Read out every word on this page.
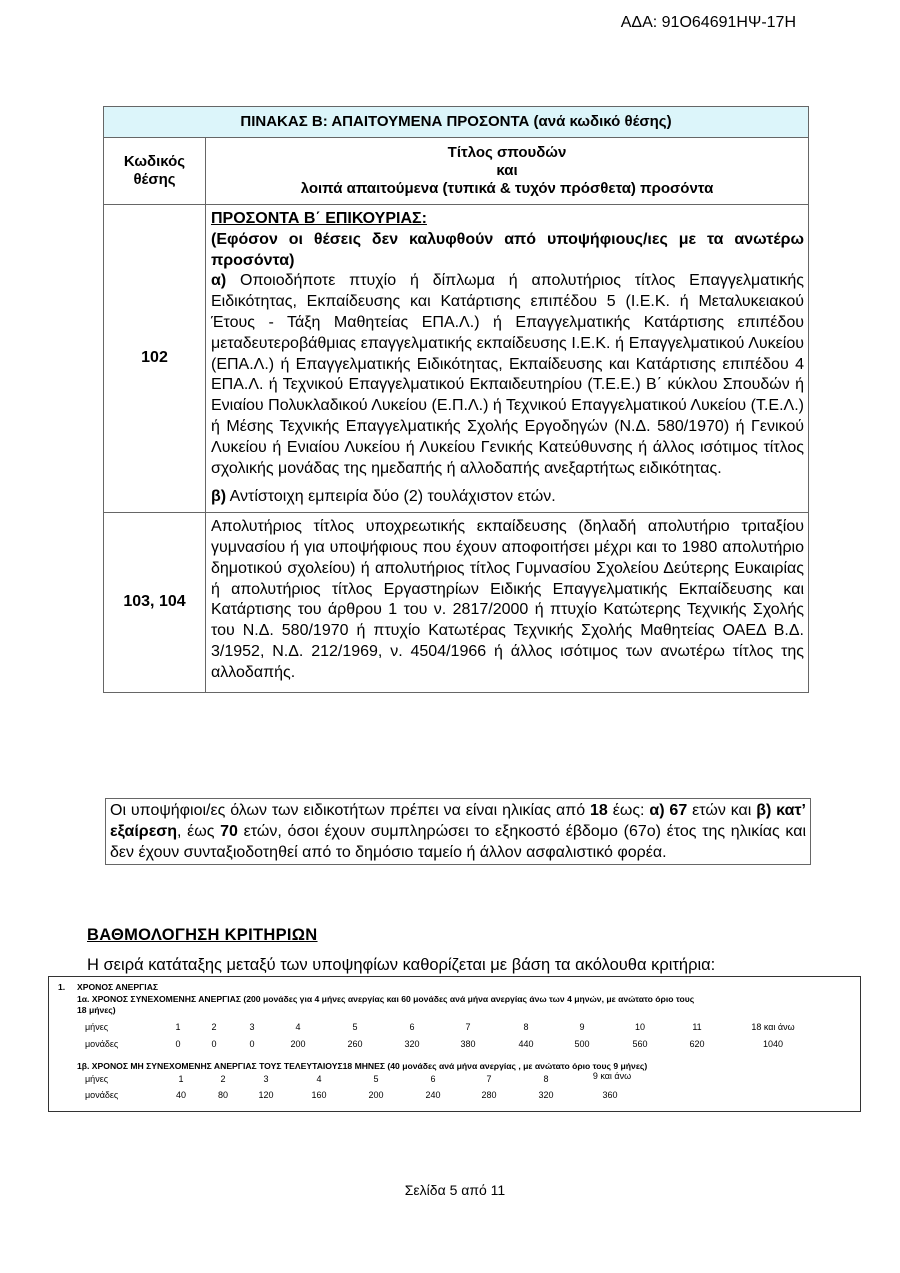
ΑΔΑ: 91Ο64691ΗΨ-17Η
ΠΙΝΑΚΑΣ Β: ΑΠΑΙΤΟΥΜΕΝΑ ΠΡΟΣΟΝΤΑ (ανά κωδικό θέσης)	
Κωδικός θέσης	Τίτλος σπουδών
και
λοιπά απαιτούμενα (τυπικά & τυχόν πρόσθετα) προσόντα

102	ΠΡΟΣΟΝΤΑ Β΄ ΕΠΙΚΟΥΡΙΑΣ:

(Εφόσον οι θέσεις δεν καλυφθούν από υποψήφιους/ιες με τα ανωτέρω προσόντα)

α) Οποιοδήποτε πτυχίο ή δίπλωμα ή απολυτήριος τίτλος Επαγγελματικής Ειδικότητας, Εκπαίδευσης και Κατάρτισης επιπέδου 5 (Ι.Ε.Κ. ή Μεταλυκειακού Έτους - Τάξη Μαθητείας ΕΠΑ.Λ.) ή Επαγγελματικής Κατάρτισης επιπέδου μεταδευτεροβάθμιας επαγγελματικής εκπαίδευσης Ι.Ε.Κ. ή Επαγγελματικού Λυκείου (ΕΠΑ.Λ.) ή Επαγγελματικής Ειδικότητας, Εκπαίδευσης και Κατάρτισης επιπέδου 4 ΕΠΑ.Λ. ή Τεχνικού Επαγγελματικού Εκπαιδευτηρίου (Τ.Ε.Ε.) Β΄ κύκλου Σπουδών ή Ενιαίου Πολυκλαδικού Λυκείου (Ε.Π.Λ.) ή Τεχνικού Επαγγελματικού Λυκείου (Τ.Ε.Λ.) ή Μέσης Τεχνικής Επαγγελματικής Σχολής Εργοδηγών (Ν.Δ. 580/1970) ή Γενικού Λυκείου ή Ενιαίου Λυκείου ή Λυκείου Γενικής Κατεύθυνσης ή άλλος ισότιμος τίτλος σχολικής μονάδας της ημεδαπής ή αλλοδαπής ανεξαρτήτως ειδικότητας.

β) Αντίστοιχη εμπειρία δύο (2) τουλάχιστον ετών.

103, 104	Απολυτήριος τίτλος υποχρεωτικής εκπαίδευσης (δηλαδή απολυτήριο τριταξίου γυμνασίου ή για υποψήφιους που έχουν αποφοιτήσει μέχρι και το 1980 απολυτήριο δημοτικού σχολείου) ή απολυτήριος τίτλος Γυμνασίου Σχολείου Δεύτερης Ευκαιρίας ή απολυτήριος τίτλος Εργαστηρίων Ειδικής Επαγγελματικής Εκπαίδευσης και Κατάρτισης του άρθρου 1 του ν. 2817/2000 ή πτυχίο Κατώτερης Τεχνικής Σχολής του Ν.Δ. 580/1970 ή πτυχίο Κατωτέρας Τεχνικής Σχολής Μαθητείας ΟΑΕΔ Β.Δ. 3/1952, Ν.Δ. 212/1969, ν. 4504/1966 ή άλλος ισότιμος των ανωτέρω τίτλος της αλλοδαπής.

Οι υποψήφιοι/ες όλων των ειδικοτήτων πρέπει να είναι ηλικίας από 18 έως: α) 67 ετών και β) κατ’ εξαίρεση, έως 70 ετών, όσοι έχουν συμπληρώσει το εξηκοστό έβδομο (67ο) έτος της ηλικίας και δεν έχουν συνταξιοδοτηθεί από το δημόσιο ταμείο ή άλλον ασφαλιστικό φορέα.
ΒΑΘΜΟΛΟΓΗΣΗ ΚΡΙΤΗΡΙΩΝ
Η σειρά κατάταξης μεταξύ των υποψηφίων καθορίζεται με βάση τα ακόλουθα κριτήρια:
1. ΧΡΟΝΟΣ ΑΝΕΡΓΙΑΣ
1α. ΧΡΟΝΟΣ ΣΥΝΕΧΟΜΕΝΗΣ ΑΝΕΡΓΙΑΣ (200 μονάδες για 4 μήνες ανεργίας και 60 μονάδες ανά μήνα ανεργίας άνω των 4 μηνών, με ανώτατο όριο τους
18 μήνες)
μήνες	1	2	3	4	5	6	7	8	9	10	11	18 και άνω
μονάδες	0	0	0	200	260	320	380	440	500	560	620	1040
1β. ΧΡΟΝΟΣ ΜΗ ΣΥΝΕΧΟΜΕΝΗΣ ΑΝΕΡΓΙΑΣ ΤΟΥΣ ΤΕΛΕΥΤΑΙΟΥΣ18 ΜΗΝΕΣ (40 μονάδες ανά μήνα ανεργίας , με ανώτατο όριο τους 9 μήνες)
μήνες	1	2	3	4	5	6	7	8	9 και άνω
μονάδες	40	80	120	160	200	240	280	320	360
Σελίδα 5 από 11
